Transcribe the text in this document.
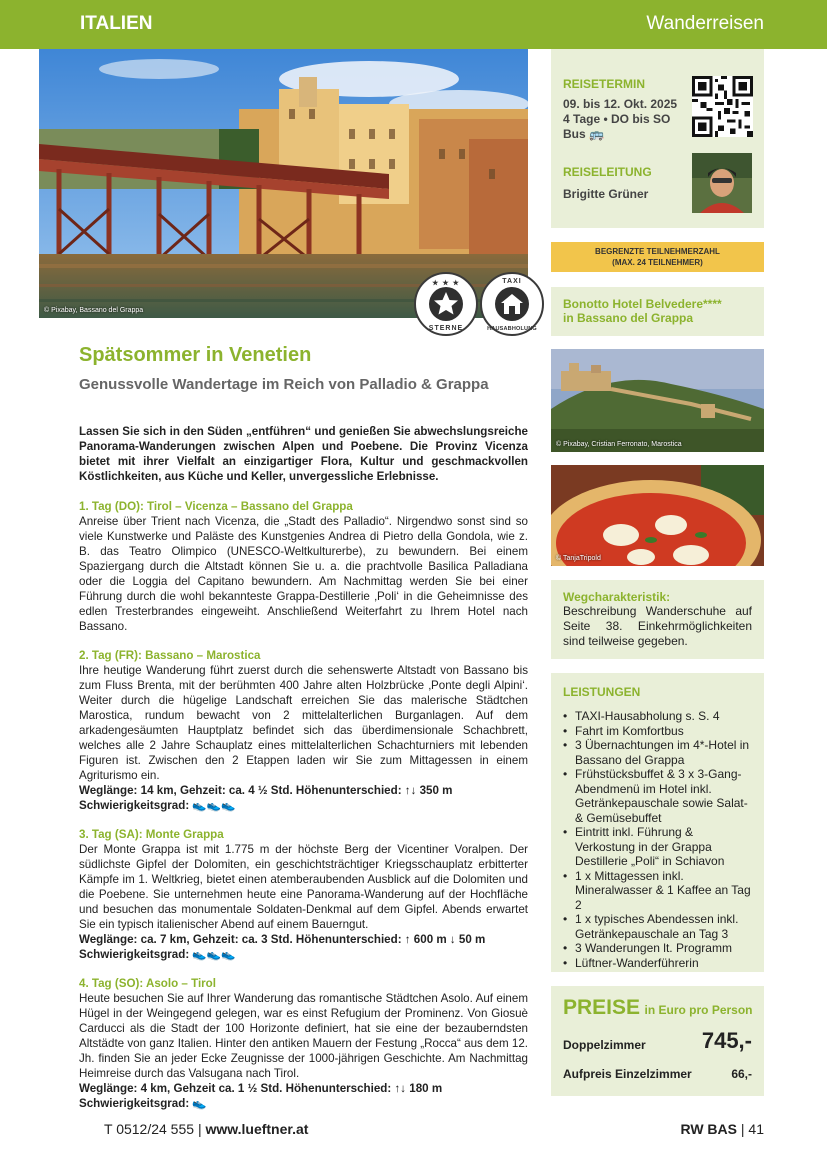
ITALIEN	Wanderreisen
© Pixabay, Bassano del Grappa
★ ★ ★
STERNE
TAXI
HAUSABHOLUNG
Spätsommer in Venetien
Genussvolle Wandertage im Reich von Palladio & Grappa

Lassen Sie sich in den Süden „entführen“ und genießen Sie abwechslungsreiche Panorama-Wanderungen zwischen Alpen und Poebene. Die Provinz Vicenza bietet mit ihrer Vielfalt an einzigartiger Flora, Kultur und geschmackvollen Köstlichkeiten, aus Küche und Keller, unvergessliche Erlebnisse.

1. Tag (DO): Tirol – Vicenza – Bassano del Grappa
Anreise über Trient nach Vicenza, die „Stadt des Palladio“. Nirgendwo sonst sind so viele Kunstwerke und Paläste des Kunstgenies Andrea di Pietro della Gondola, wie z. B. das Teatro Olimpico (UNESCO-Weltkulturerbe), zu bewundern. Bei einem Spaziergang durch die Altstadt können Sie u. a. die prachtvolle Basilica Palladiana oder die Loggia del Capitano bewundern. Am Nachmittag werden Sie bei einer Führung durch die wohl bekannteste Grappa-Destillerie ‚Poli‘ in die Geheimnisse des edlen Tresterbrandes eingeweiht. Anschließend Weiterfahrt zu Ihrem Hotel nach Bassano.
2. Tag (FR): Bassano – Marostica
Ihre heutige Wanderung führt zuerst durch die sehenswerte Altstadt von Bassano bis zum Fluss Brenta, mit der berühmten 400 Jahre alten Holzbrücke ‚Ponte degli Alpini‘. Weiter durch die hügelige Landschaft erreichen Sie das malerische Städtchen Marostica, rundum bewacht von 2 mittelalterlichen Burganlagen. Auf dem arkadengesäumten Hauptplatz befindet sich das überdimensionale Schachbrett, welches alle 2 Jahre Schauplatz eines mittelalterlichen Schachturniers mit lebenden Figuren ist. Zwischen den 2 Etappen laden wir Sie zum Mittagessen in einem Agriturismo ein.
Weglänge: 14 km, Gehzeit: ca. 4 ½ Std. Höhenunterschied: ↑↓ 350 m
Schwierigkeitsgrad: 👟👟👟
3. Tag (SA): Monte Grappa
Der Monte Grappa ist mit 1.775 m der höchste Berg der Vicentiner Voralpen. Der südlichste Gipfel der Dolomiten, ein geschichtsträchtiger Kriegsschauplatz erbitterter Kämpfe im 1. Weltkrieg, bietet einen atemberaubenden Ausblick auf die Dolomiten und die Poebene. Sie unternehmen heute eine Panorama-Wanderung auf der Hochfläche und besuchen das monumentale Soldaten-Denkmal auf dem Gipfel. Abends erwartet Sie ein typisch italienischer Abend auf einem Bauerngut.
Weglänge: ca. 7 km, Gehzeit: ca. 3 Std. Höhenunterschied: ↑ 600 m ↓ 50 m
Schwierigkeitsgrad: 👟👟👟
4. Tag (SO): Asolo – Tirol
Heute besuchen Sie auf Ihrer Wanderung das romantische Städtchen Asolo. Auf einem Hügel in der Weingegend gelegen, war es einst Refugium der Prominenz. Von Giosuè Carducci als die Stadt der 100 Horizonte definiert, hat sie eine der bezauberndsten Altstädte von ganz Italien. Hinter den antiken Mauern der Festung „Rocca“ aus dem 12. Jh. finden Sie an jeder Ecke Zeugnisse der 1000-jährigen Geschichte. Am Nachmittag Heimreise durch das Valsugana nach Tirol.
Weglänge: 4 km, Gehzeit ca. 1 ½ Std. Höhenunterschied: ↑↓ 180 m
Schwierigkeitsgrad: 👟
REISETERMIN
09. bis 12. Okt. 2025
4 Tage • DO bis SO
Bus 🚌
REISELEITUNG
Brigitte Grüner
BEGRENZTE TEILNEHMERZAHL
(MAX. 24 TEILNEHMER)
Bonotto Hotel Belvedere****
in Bassano del Grappa
© Pixabay, Cristian Ferronato, Marostica
© TanjaTripold
Wegcharakteristik:
Beschreibung Wanderschuhe auf Seite 38. Einkehrmöglichkeiten sind teilweise gegeben.
LEISTUNGEN
• TAXI-Hausabholung s. S. 4
• Fahrt im Komfortbus
• 3 Übernachtungen im 4*-Hotel in Bassano del Grappa
• Frühstücksbuffet & 3 x 3-Gang-Abendmenü im Hotel inkl. Getränkepauschale sowie Salat- & Gemüsebuffet
• Eintritt inkl. Führung & Verkostung in der Grappa Destillerie „Poli“ in Schiavon
• 1 x Mittagessen inkl. Mineralwasser & 1 Kaffee an Tag 2
• 1 x typisches Abendessen inkl. Getränkepauschale an Tag 3
• 3 Wanderungen lt. Programm
• Lüftner-Wanderführerin
PREISE in Euro pro Person
Doppelzimmer	745,-
Aufpreis Einzelzimmer	66,-
T 0512/24 555 | www.lueftner.at	RW BAS | 41
